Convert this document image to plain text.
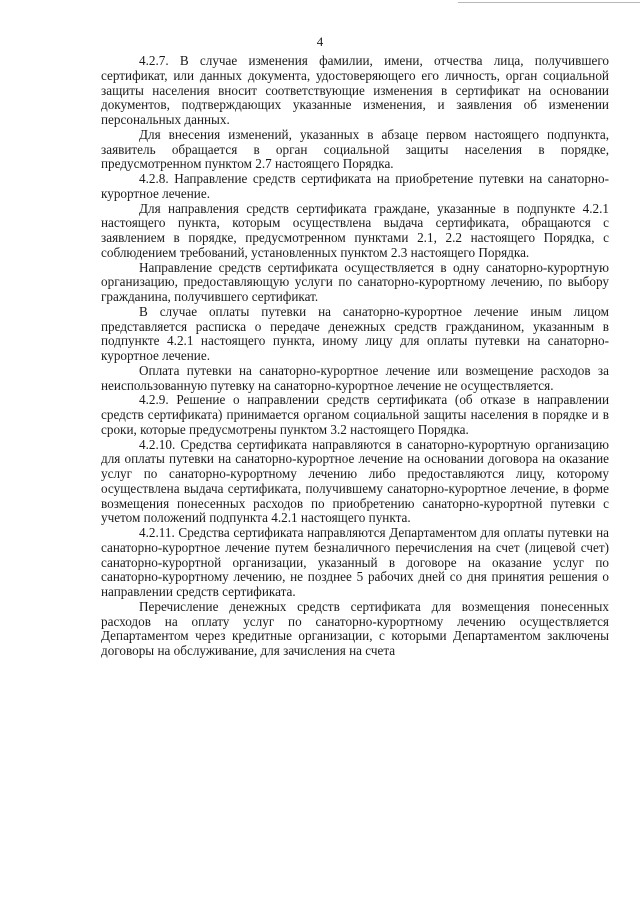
4

4.2.7. В случае изменения фамилии, имени, отчества лица, получившего сертификат, или данных документа, удостоверяющего его личность, орган социальной защиты населения вносит соответствующие изменения в сертификат на основании документов, подтверждающих указанные изменения, и заявления об изменении персональных данных.

Для внесения изменений, указанных в абзаце первом настоящего подпункта, заявитель обращается в орган социальной защиты населения в порядке, предусмотренном пунктом 2.7 настоящего Порядка.

4.2.8. Направление средств сертификата на приобретение путевки на санаторно-курортное лечение.

Для направления средств сертификата граждане, указанные в подпункте 4.2.1 настоящего пункта, которым осуществлена выдача сертификата, обращаются с заявлением в порядке, предусмотренном пунктами 2.1, 2.2 настоящего Порядка, с соблюдением требований, установленных пунктом 2.3 настоящего Порядка.

Направление средств сертификата осуществляется в одну санаторно-курортную организацию, предоставляющую услуги по санаторно-курортному лечению, по выбору гражданина, получившего сертификат.

В случае оплаты путевки на санаторно-курортное лечение иным лицом представляется расписка о передаче денежных средств гражданином, указанным в подпункте 4.2.1 настоящего пункта, иному лицу для оплаты путевки на санаторно-курортное лечение.

Оплата путевки на санаторно-курортное лечение или возмещение расходов за неиспользованную путевку на санаторно-курортное лечение не осуществляется.

4.2.9. Решение о направлении средств сертификата (об отказе в направлении средств сертификата) принимается органом социальной защиты населения в порядке и в сроки, которые предусмотрены пунктом 3.2 настоящего Порядка.

4.2.10. Средства сертификата направляются в санаторно-курортную организацию для оплаты путевки на санаторно-курортное лечение на основании договора на оказание услуг по санаторно-курортному лечению либо предоставляются лицу, которому осуществлена выдача сертификата, получившему санаторно-курортное лечение, в форме возмещения понесенных расходов по приобретению санаторно-курортной путевки с учетом положений подпункта 4.2.1 настоящего пункта.

4.2.11. Средства сертификата направляются Департаментом для оплаты путевки на санаторно-курортное лечение путем безналичного перечисления на счет (лицевой счет) санаторно-курортной организации, указанный в договоре на оказание услуг по санаторно-курортному лечению, не позднее 5 рабочих дней со дня принятия решения о направлении средств сертификата.

Перечисление денежных средств сертификата для возмещения понесенных расходов на оплату услуг по санаторно-курортному лечению осуществляется Департаментом через кредитные организации, с которыми Департаментом заключены договоры на обслуживание, для зачисления на счета
